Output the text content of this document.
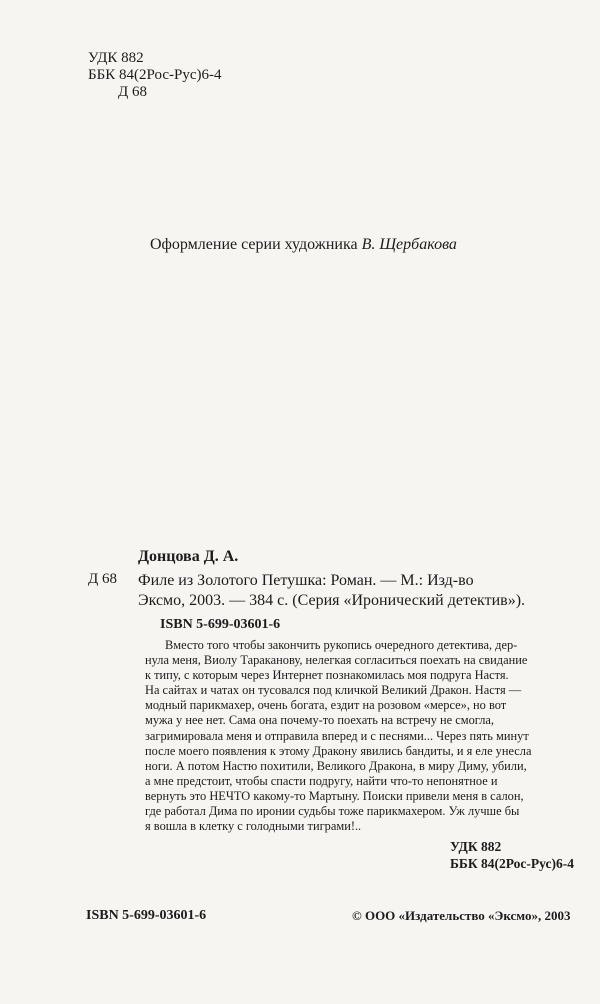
УДК 882
ББК 84(2Рос-Рус)6-4
Д 68
Оформление серии художника В. Щербакова
Донцова Д. А.
Д 68 Филе из Золотого Петушка: Роман. — М.: Изд-во
Эксмо, 2003. — 384 с. (Серия «Иронический детектив»).
ISBN 5-699-03601-6
Вместо того чтобы закончить рукопись очередного детектива, дер-
нула меня, Виолу Тараканову, нелегкая согласиться поехать на свидание
к типу, с которым через Интернет познакомилась моя подруга Настя.
На сайтах и чатах он тусовался под кличкой Великий Дракон. Настя —
модный парикмахер, очень богата, ездит на розовом «мерсе», но вот
мужа у нее нет. Сама она почему-то поехать на встречу не смогла,
загримировала меня и отправила вперед и с песнями... Через пять минут
после моего появления к этому Дракону явились бандиты, и я еле унесла
ноги. А потом Настю похитили, Великого Дракона, в миру Диму, убили,
а мне предстоит, чтобы спасти подругу, найти что-то непонятное и
вернуть это НЕЧТО какому-то Мартыну. Поиски привели меня в салон,
где работал Дима по иронии судьбы тоже парикмахером. Уж лучше бы
я вошла в клетку с голодными тиграми!..
УДК 882
ББК 84(2Рос-Рус)6-4
ISBN 5-699-03601-6	© ООО «Издательство «Эксмо», 2003
